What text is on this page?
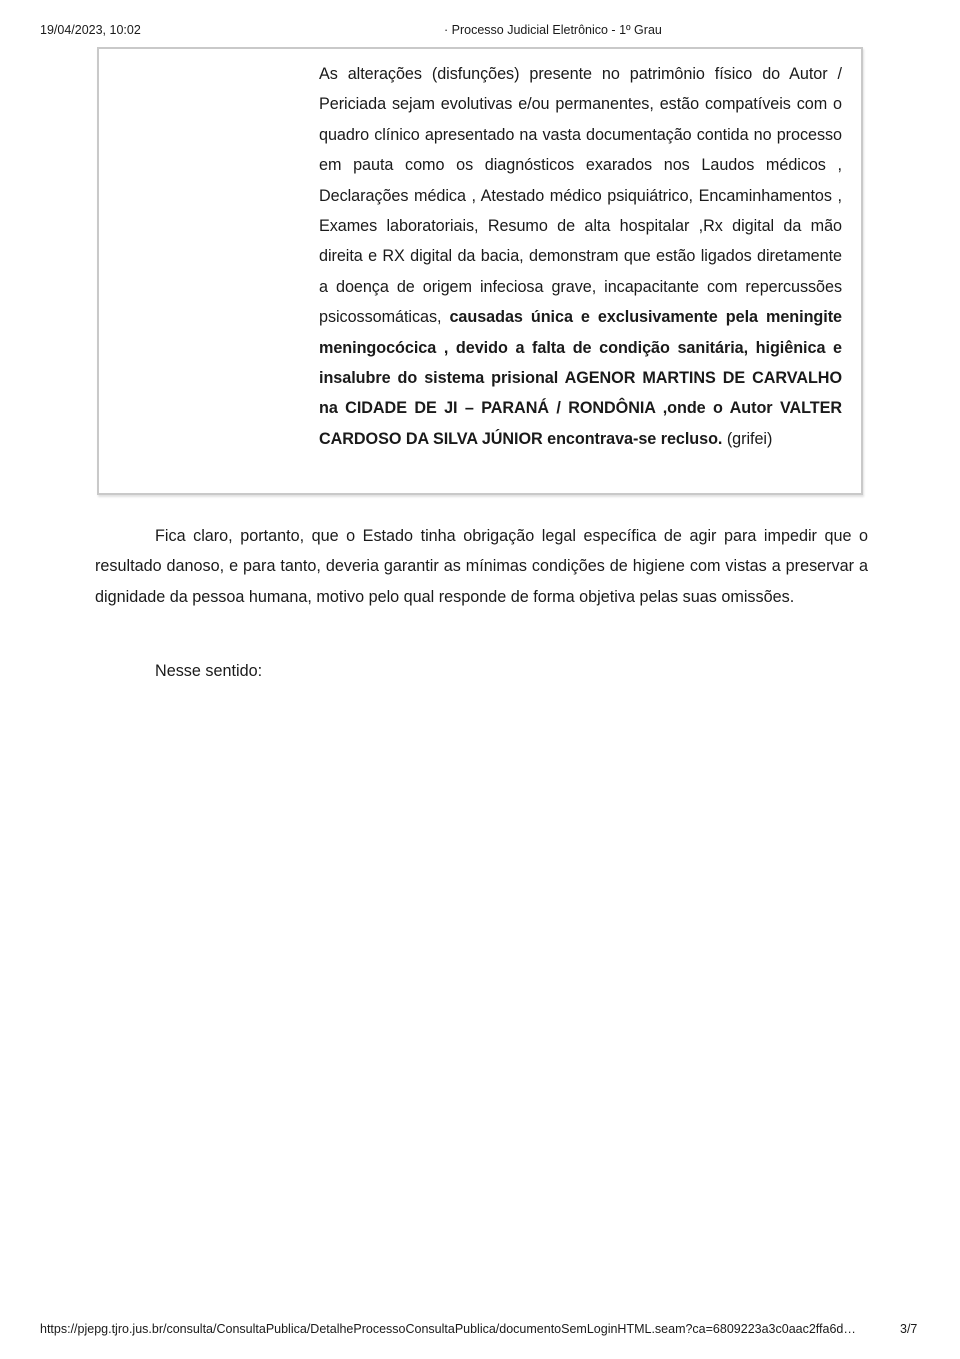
19/04/2023, 10:02	· Processo Judicial Eletrônico - 1º Grau
As alterações (disfunções) presente no patrimônio físico do Autor / Periciada sejam evolutivas e/ou permanentes, estão compatíveis com o quadro clínico apresentado na vasta documentação contida no processo em pauta como os diagnósticos exarados nos Laudos médicos , Declarações médica , Atestado médico psiquiátrico, Encaminhamentos , Exames laboratoriais, Resumo de alta hospitalar ,Rx digital da mão direita e RX digital da bacia, demonstram que estão ligados diretamente a doença de origem infeciosa grave, incapacitante com repercussões psicossomáticas, causadas única e exclusivamente pela meningite meningocócica , devido a falta de condição sanitária, higiênica e insalubre do sistema prisional AGENOR MARTINS DE CARVALHO na CIDADE DE JI – PARANÁ / RONDÔNIA ,onde o Autor VALTER CARDOSO DA SILVA JÚNIOR encontrava-se recluso. (grifei)

Fica claro, portanto, que o Estado tinha obrigação legal específica de agir para impedir que o resultado danoso, e para tanto, deveria garantir as mínimas condições de higiene com vistas a preservar a dignidade da pessoa humana, motivo pelo qual responde de forma objetiva pelas suas omissões.

Nesse sentido:

https://pjepg.tjro.jus.br/consulta/ConsultaPublica/DetalheProcessoConsultaPublica/documentoSemLoginHTML.seam?ca=6809223a3c0aac2ffa6d…	3/7
